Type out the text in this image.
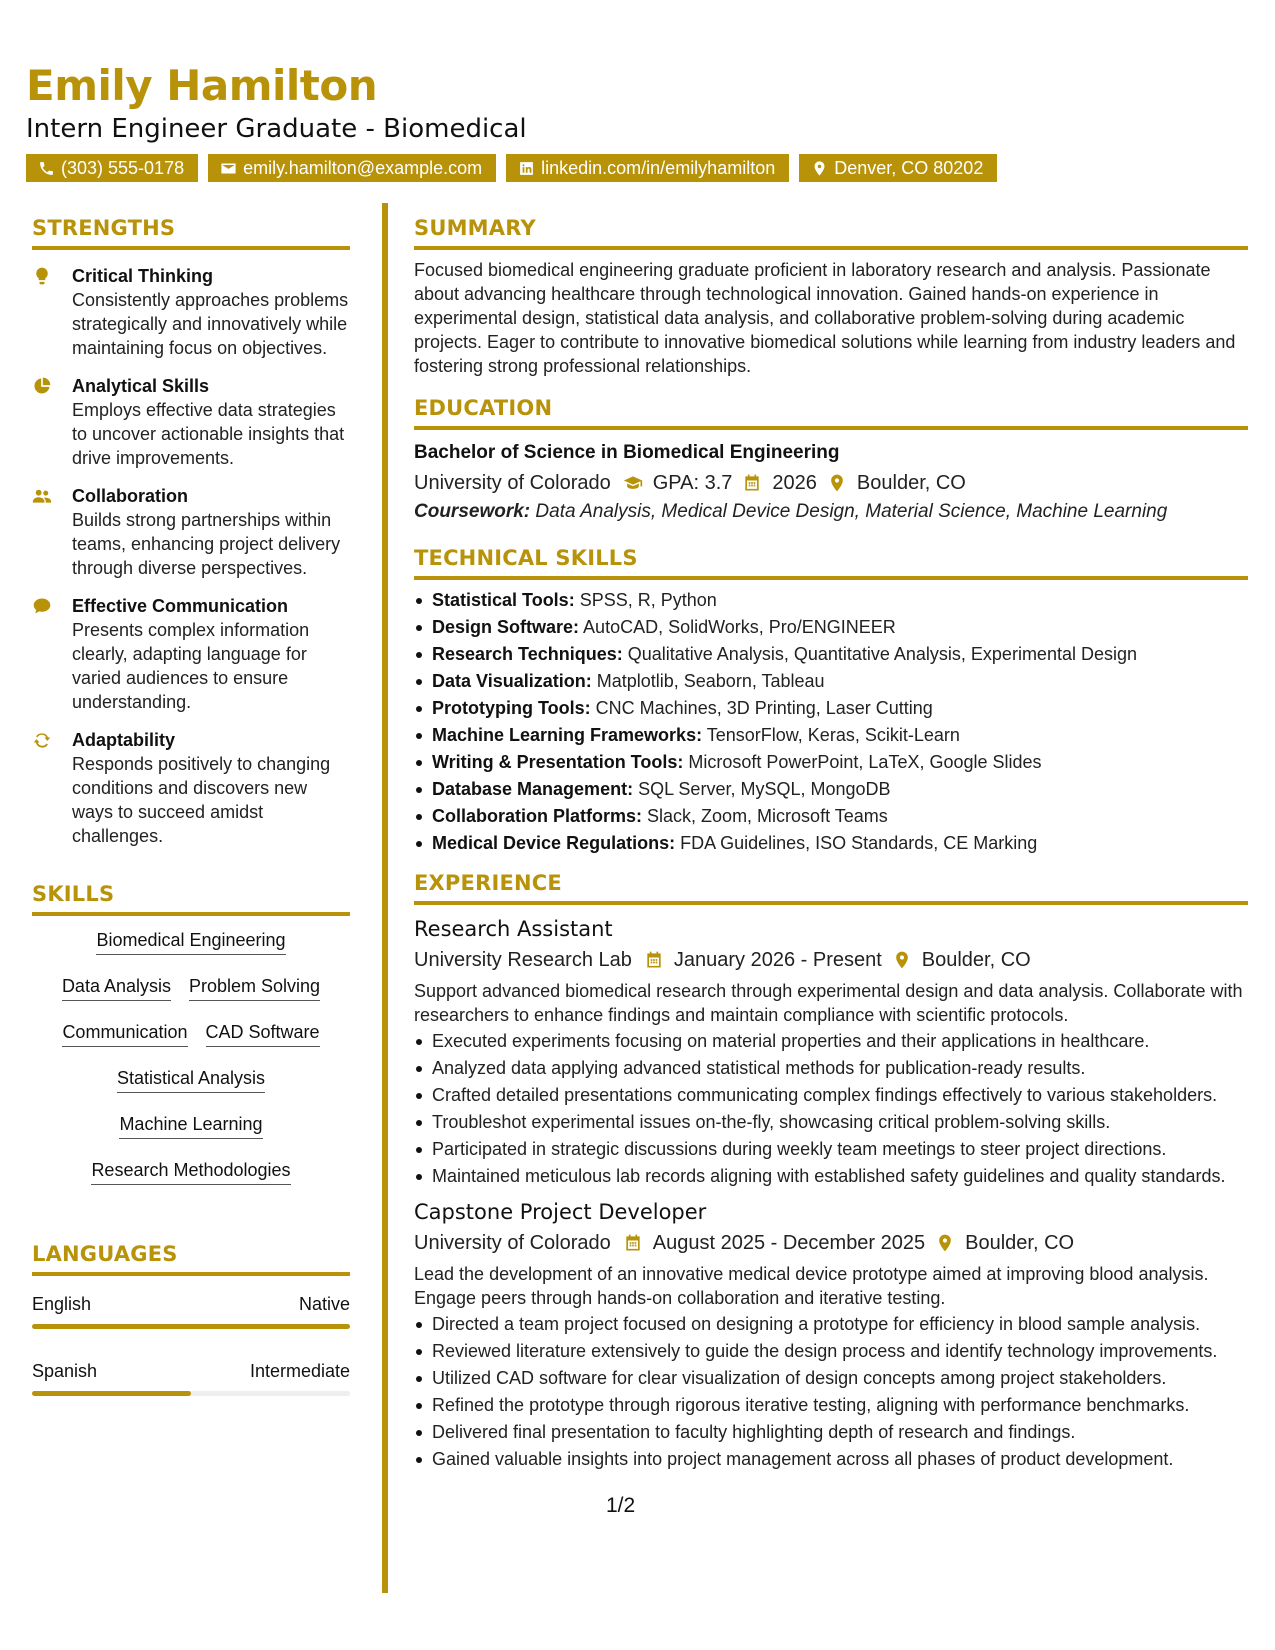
Emily Hamilton
Intern Engineer Graduate - Biomedical
(303) 555-0178	emily.hamilton@example.com	linkedin.com/in/emilyhamilton	Denver, CO 80202
STRENGTHS
Critical Thinking
Consistently approaches problems strategically and innovatively while maintaining focus on objectives.
Analytical Skills
Employs effective data strategies to uncover actionable insights that drive improvements.
Collaboration
Builds strong partnerships within teams, enhancing project delivery through diverse perspectives.
Effective Communication
Presents complex information clearly, adapting language for varied audiences to ensure understanding.
Adaptability
Responds positively to changing conditions and discovers new ways to succeed amidst challenges.
SKILLS
Biomedical Engineering
Data Analysis Problem Solving
Communication CAD Software
Statistical Analysis
Machine Learning
Research Methodologies
LANGUAGES
English	Native
Spanish	Intermediate
SUMMARY
Focused biomedical engineering graduate proficient in laboratory research and analysis. Passionate about advancing healthcare through technological innovation. Gained hands-on experience in experimental design, statistical data analysis, and collaborative problem-solving during academic projects. Eager to contribute to innovative biomedical solutions while learning from industry leaders and fostering strong professional relationships.
EDUCATION
Bachelor of Science in Biomedical Engineering
University of Colorado GPA: 3.7 2026 Boulder, CO
Coursework: Data Analysis, Medical Device Design, Material Science, Machine Learning
TECHNICAL SKILLS
Statistical Tools: SPSS, R, Python
Design Software: AutoCAD, SolidWorks, Pro/ENGINEER
Research Techniques: Qualitative Analysis, Quantitative Analysis, Experimental Design
Data Visualization: Matplotlib, Seaborn, Tableau
Prototyping Tools: CNC Machines, 3D Printing, Laser Cutting
Machine Learning Frameworks: TensorFlow, Keras, Scikit-Learn
Writing & Presentation Tools: Microsoft PowerPoint, LaTeX, Google Slides
Database Management: SQL Server, MySQL, MongoDB
Collaboration Platforms: Slack, Zoom, Microsoft Teams
Medical Device Regulations: FDA Guidelines, ISO Standards, CE Marking
EXPERIENCE
Research Assistant
University Research Lab January 2026 - Present Boulder, CO
Support advanced biomedical research through experimental design and data analysis. Collaborate with researchers to enhance findings and maintain compliance with scientific protocols.
Executed experiments focusing on material properties and their applications in healthcare.
Analyzed data applying advanced statistical methods for publication-ready results.
Crafted detailed presentations communicating complex findings effectively to various stakeholders.
Troubleshot experimental issues on-the-fly, showcasing critical problem-solving skills.
Participated in strategic discussions during weekly team meetings to steer project directions.
Maintained meticulous lab records aligning with established safety guidelines and quality standards.
Capstone Project Developer
University of Colorado August 2025 - December 2025 Boulder, CO
Lead the development of an innovative medical device prototype aimed at improving blood analysis. Engage peers through hands-on collaboration and iterative testing.
Directed a team project focused on designing a prototype for efficiency in blood sample analysis.
Reviewed literature extensively to guide the design process and identify technology improvements.
Utilized CAD software for clear visualization of design concepts among project stakeholders.
Refined the prototype through rigorous iterative testing, aligning with performance benchmarks.
Delivered final presentation to faculty highlighting depth of research and findings.
Gained valuable insights into project management across all phases of product development.
1/2
